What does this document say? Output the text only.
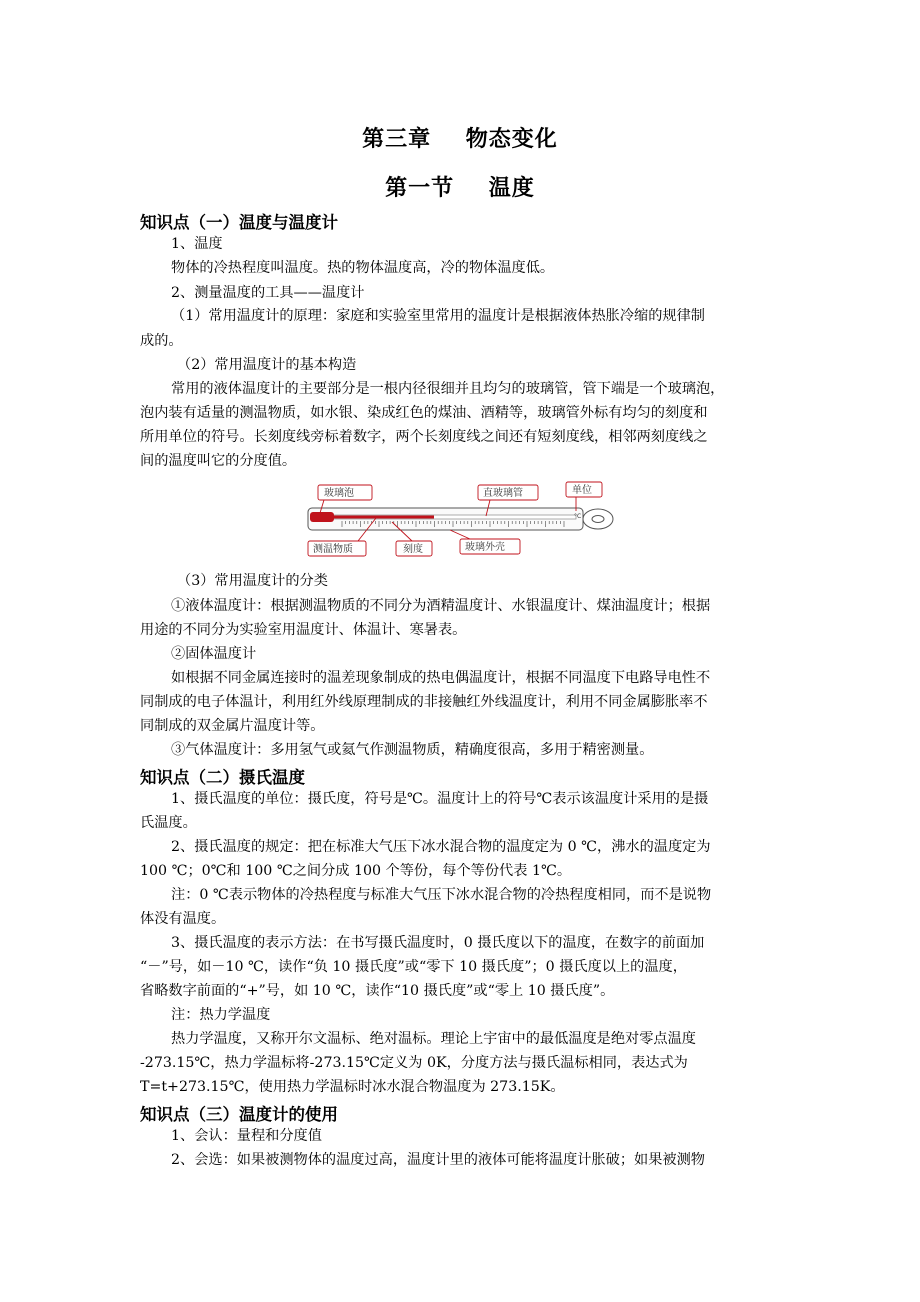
第三章    物态变化
第一节    温度
知识点（一）温度与温度计
1、温度
物体的冷热程度叫温度。热的物体温度高，冷的物体温度低。
2、测量温度的工具——温度计
（1）常用温度计的原理：家庭和实验室里常用的温度计是根据液体热胀冷缩的规律制
成的。
（2）常用温度计的基本构造
常用的液体温度计的主要部分是一根内径很细并且均匀的玻璃管，管下端是一个玻璃泡，
泡内装有适量的测温物质，如水银、染成红色的煤油、酒精等，玻璃管外标有均匀的刻度和
所用单位的符号。长刻度线旁标着数字，两个长刻度线之间还有短刻度线，相邻两刻度线之
间的温度叫它的分度值。
°C
玻璃泡	直玻璃管	单位
测温物质	刻度	玻璃外壳
（3）常用温度计的分类
①液体温度计：根据测温物质的不同分为酒精温度计、水银温度计、煤油温度计；根据
用途的不同分为实验室用温度计、体温计、寒暑表。
②固体温度计
如根据不同金属连接时的温差现象制成的热电偶温度计，根据不同温度下电路导电性不
同制成的电子体温计，利用红外线原理制成的非接触红外线温度计，利用不同金属膨胀率不
同制成的双金属片温度计等。
③气体温度计：多用氢气或氦气作测温物质，精确度很高，多用于精密测量。
知识点（二）摄氏温度
1、摄氏温度的单位：摄氏度，符号是℃。温度计上的符号℃表示该温度计采用的是摄
氏温度。
2、摄氏温度的规定：把在标准大气压下冰水混合物的温度定为 0 ℃，沸水的温度定为
100 ℃；0℃和 100 ℃之间分成 100 个等份，每个等份代表 1℃。
注：0 ℃表示物体的冷热程度与标准大气压下冰水混合物的冷热程度相同，而不是说物
体没有温度。
3、摄氏温度的表示方法：在书写摄氏温度时，0 摄氏度以下的温度，在数字的前面加
“－”号，如－10 ℃，读作“负 10 摄氏度”或“零下 10 摄氏度”；0 摄氏度以上的温度，
省略数字前面的“+”号，如 10 ℃，读作“10 摄氏度”或“零上 10 摄氏度”。
注：热力学温度
热力学温度，又称开尔文温标、绝对温标。理论上宇宙中的最低温度是绝对零点温度
-273.15℃，热力学温标将-273.15℃定义为 0K，分度方法与摄氏温标相同，表达式为
T=t+273.15℃，使用热力学温标时冰水混合物温度为 273.15K。
知识点（三）温度计的使用
1、会认：量程和分度值
2、会选：如果被测物体的温度过高，温度计里的液体可能将温度计胀破；如果被测物
